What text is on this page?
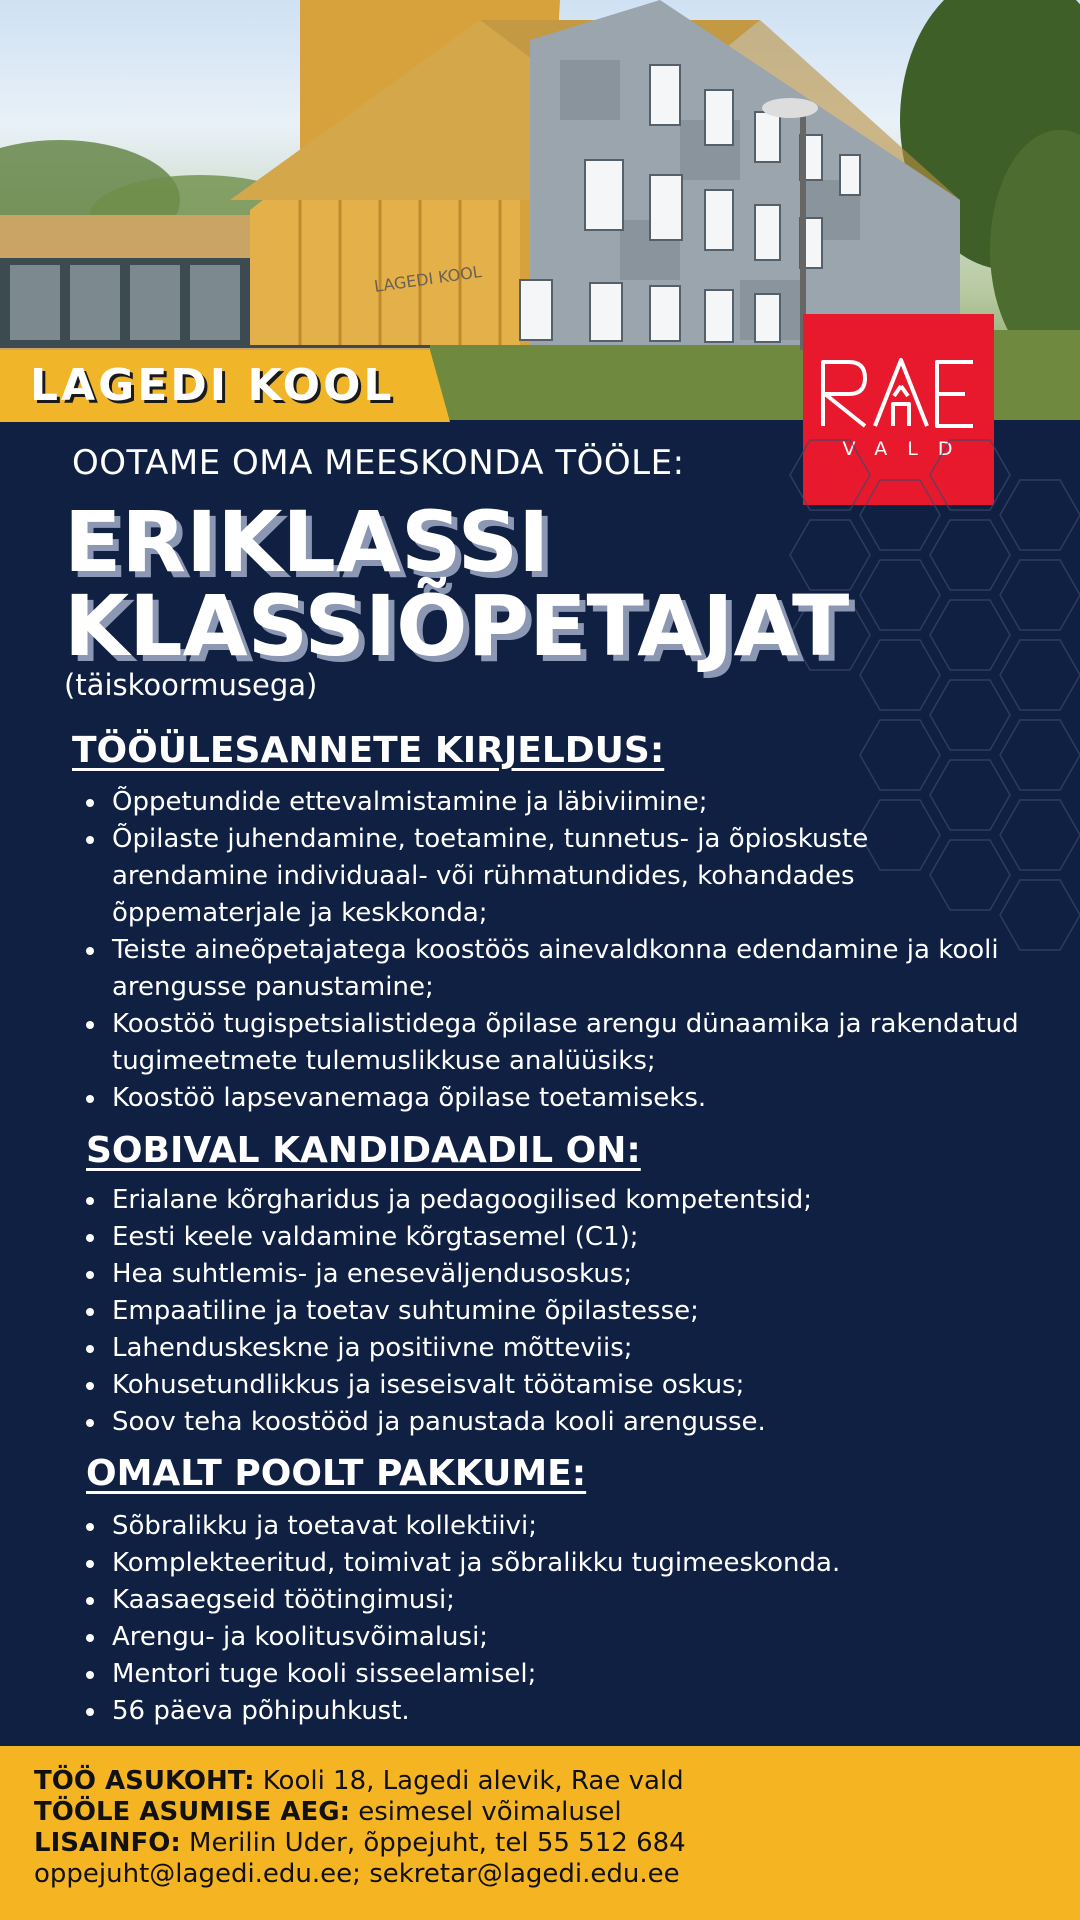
LAGEDI KOOL
LAGEDI KOOL
VALD
OOTAME OMA MEESKONDA TÖÖLE:
ERIKLASSI
KLASSIÕPETAJAT
(täiskoormusega)
TÖÖÜLESANNETE KIRJELDUS:
• Õppetundide ettevalmistamine ja läbiviimine;
• Õpilaste juhendamine, toetamine, tunnetus- ja õpioskuste arendamine individuaal- või rühmatundides, kohandades õppematerjale ja keskkonda;
• Teiste aineõpetajatega koostöös ainevaldkonna edendamine ja kooli arengusse panustamine;
• Koostöö tugispetsialistidega õpilase arengu dünaamika ja rakendatud tugimeetmete tulemuslikkuse analüüsiks;
• Koostöö lapsevanemaga õpilase toetamiseks.
SOBIVAL KANDIDAADIL ON:
• Erialane kõrgharidus ja pedagoogilised kompetentsid;
• Eesti keele valdamine kõrgtasemel (C1);
• Hea suhtlemis- ja eneseväljendusoskus;
• Empaatiline ja toetav suhtumine õpilastesse;
• Lahenduskeskne ja positiivne mõtteviis;
• Kohusetundlikkus ja iseseisvalt töötamise oskus;
• Soov teha koostööd ja panustada kooli arengusse.
OMALT POOLT PAKKUME:
• Sõbralikku ja toetavat kollektiivi;
• Komplekteeritud, toimivat ja sõbralikku tugimeeskonda.
• Kaasaegseid töötingimusi;
• Arengu- ja koolitusvõimalusi;
• Mentori tuge kooli sisseelamisel;
• 56 päeva põhipuhkust.
TÖÖ ASUKOHT: Kooli 18, Lagedi alevik, Rae vald
TÖÖLE ASUMISE AEG: esimesel võimalusel
LISAINFO: Merilin Uder, õppejuht, tel 55 512 684
oppejuht@lagedi.edu.ee; sekretar@lagedi.edu.ee
